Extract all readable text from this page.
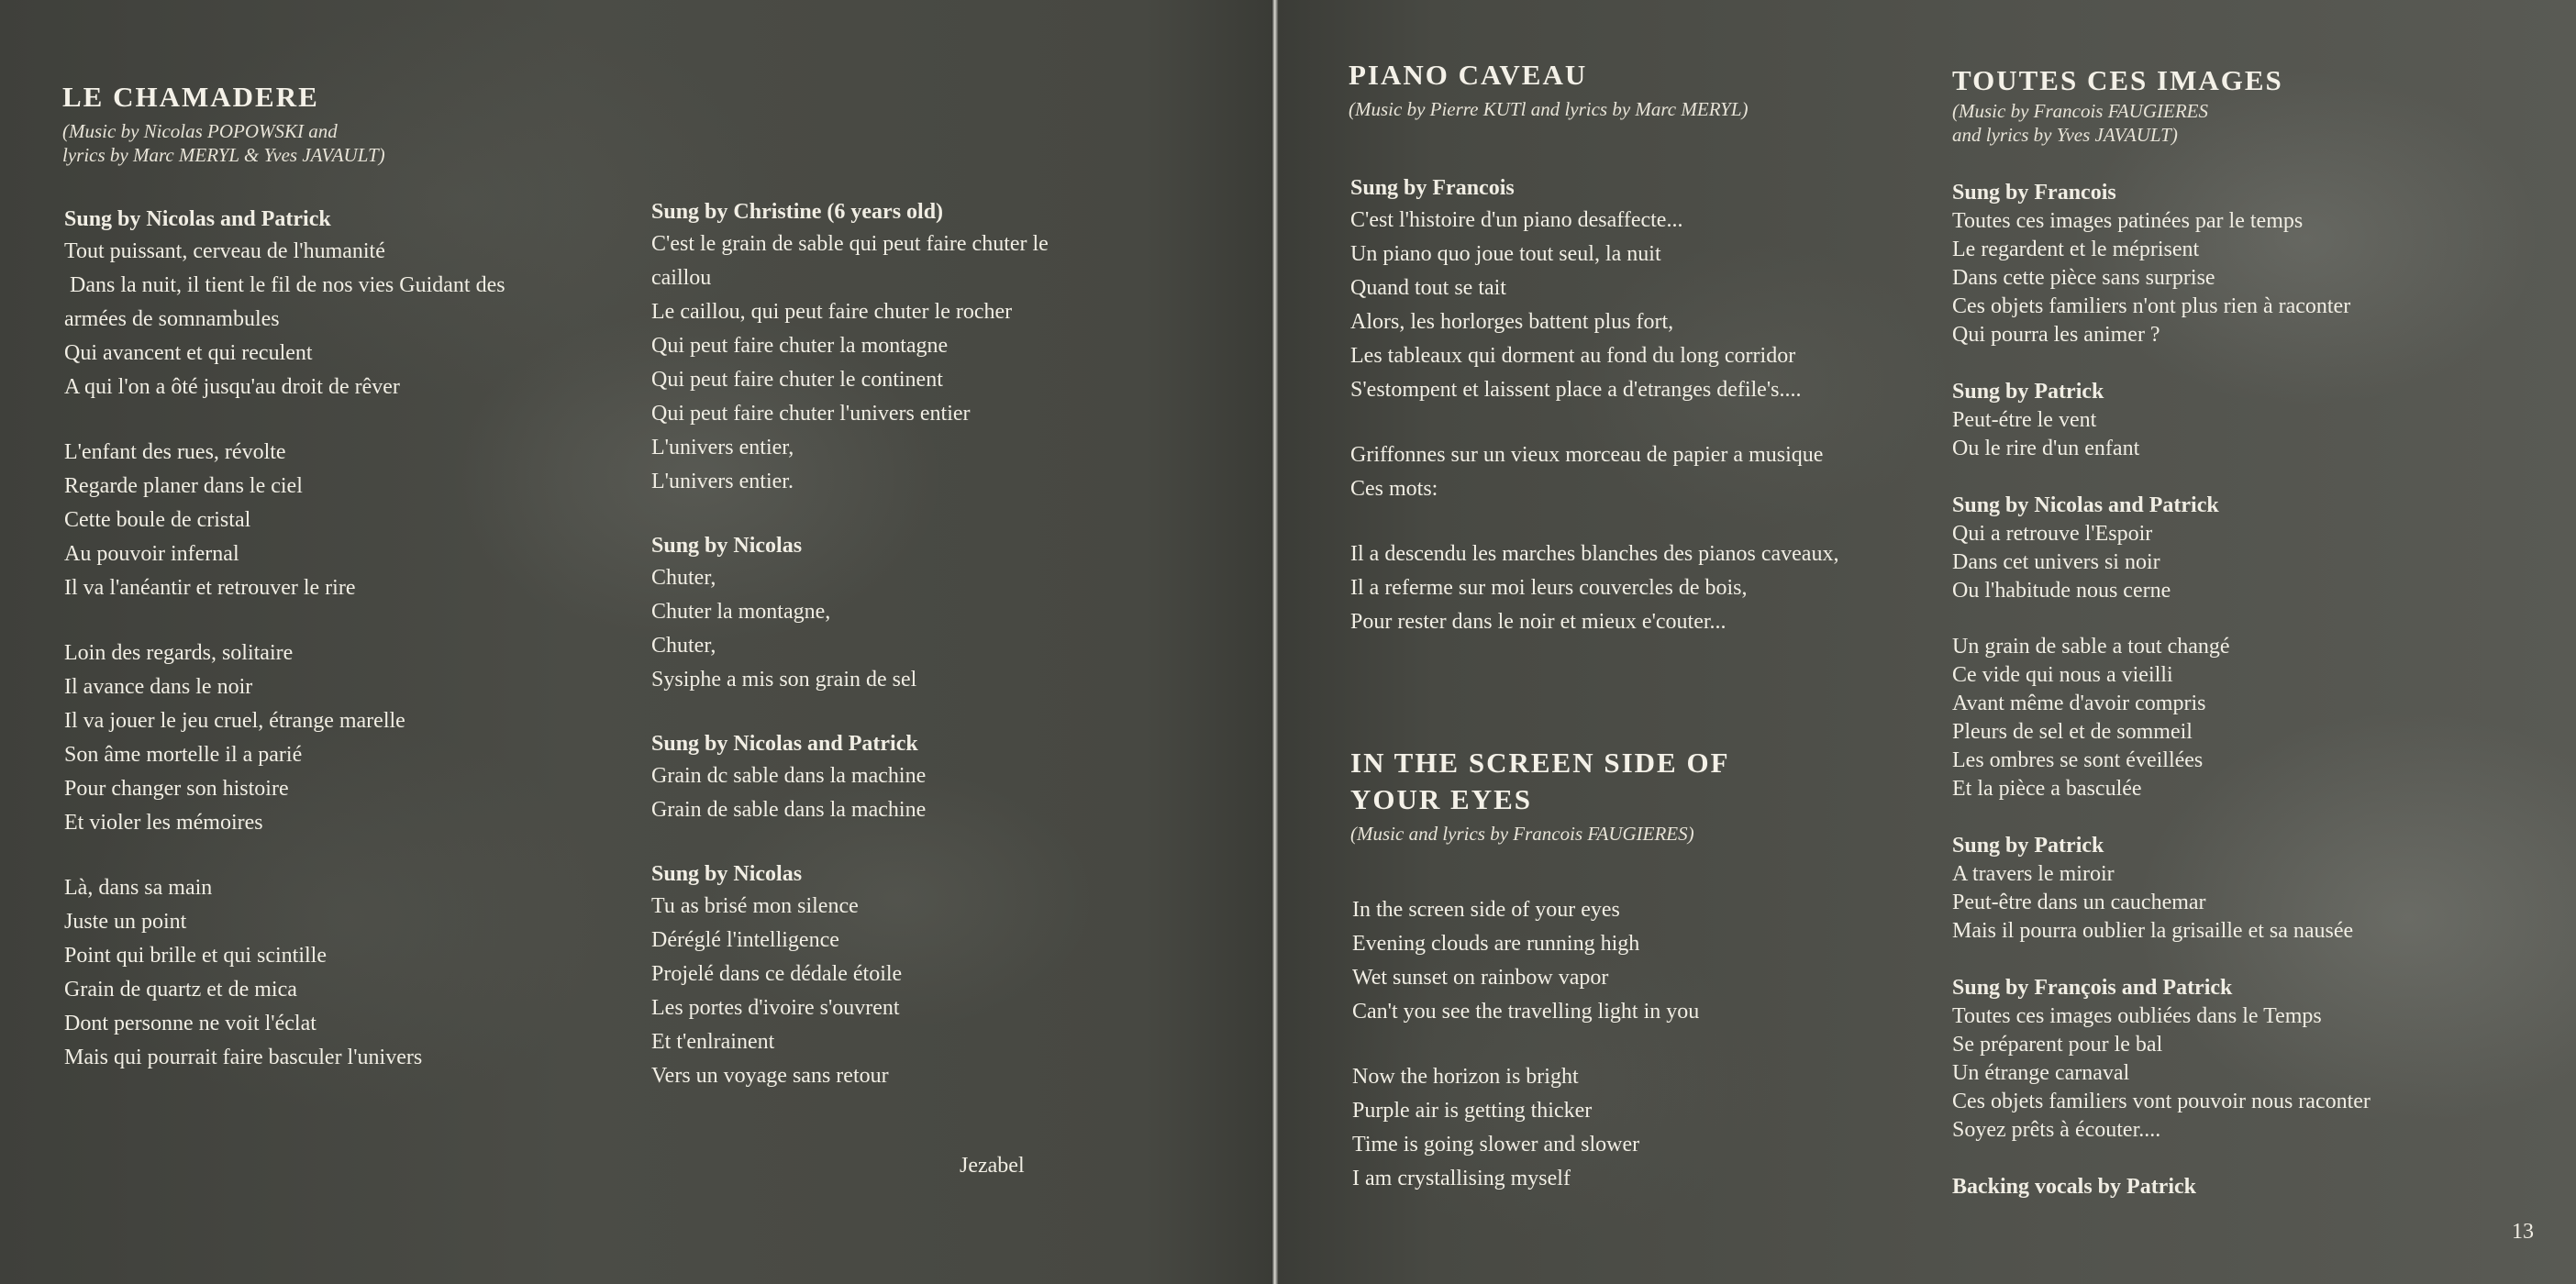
LE CHAMADERE

(Music by Nicolas POPOWSKI and

lyrics by Marc MERYL & Yves JAVAULT)

Sung by Nicolas and Patrick

Tout puissant, cerveau de l'humanité
Dans la nuit, il tient le fil de nos vies Guidant des
armées de somnambules
Qui avancent et qui reculent
A qui l'on a ôté jusqu'au droit de rêver
L'enfant des rues, révolte
Regarde planer dans le ciel
Cette boule de cristal
Au pouvoir infernal
Il va l'anéantir et retrouver le rire
Loin des regards, solitaire
Il avance dans le noir
Il va jouer le jeu cruel, étrange marelle
Son âme mortelle il a parié
Pour changer son histoire
Et violer les mémoires
Là, dans sa main
Juste un point
Point qui brille et qui scintille
Grain de quartz et de mica
Dont personne ne voit l'éclat
Mais qui pourrait faire basculer l'univers

Sung by Christine (6 years old)

C'est le grain de sable qui peut faire chuter le
caillou
Le caillou, qui peut faire chuter le rocher
Qui peut faire chuter la montagne
Qui peut faire chuter le continent
Qui peut faire chuter l'univers entier
L'univers entier,
L'univers entier.

Sung by Nicolas

Chuter,
Chuter la montagne,
Chuter,
Sysiphe a mis son grain de sel

Sung by Nicolas and Patrick

Grain dc sable dans la machine
Grain de sable dans la machine

Sung by Nicolas

Tu as brisé mon silence
Déréglé l'intelligence
Projelé dans ce dédale étoile
Les portes d'ivoire s'ouvrent
Et t'enlrainent
Vers un voyage sans retour
Jezabel
PIANO CAVEAU

(Music by Pierre KUTl and lyrics by Marc MERYL)

Sung by Francois

C'est l'histoire d'un piano desaffecte...
Un piano quo joue tout seul, la nuit
Quand tout se tait
Alors, les horlorges battent plus fort,
Les tableaux qui dorment au fond du long corridor
S'estompent et laissent place a d'etranges defile's....
Griffonnes sur un vieux morceau de papier a musique
Ces mots:
Il a descendu les marches blanches des pianos caveaux,
Il a referme sur moi leurs couvercles de bois,
Pour rester dans le noir et mieux e'couter...
IN THE SCREEN SIDE OF
YOUR EYES

(Music and lyrics by Francois FAUGIERES)

In the screen side of your eyes
Evening clouds are running high
Wet sunset on rainbow vapor
Can't you see the travelling light in you
Now the horizon is bright
Purple air is getting thicker
Time is going slower and slower
I am crystallising myself
TOUTES CES IMAGES

(Music by Francois FAUGIERES

and lyrics by Yves JAVAULT)

Sung by Francois

Toutes ces images patinées par le temps
Le regardent et le méprisent
Dans cette pièce sans surprise
Ces objets familiers n'ont plus rien à raconter
Qui pourra les animer ?

Sung by Patrick

Peut-étre le vent
Ou le rire d'un enfant

Sung by Nicolas and Patrick

Qui a retrouve l'Espoir
Dans cet univers si noir
Ou l'habitude nous cerne
Un grain de sable a tout changé
Ce vide qui nous a vieilli
Avant même d'avoir compris
Pleurs de sel et de sommeil
Les ombres se sont éveillées
Et la pièce a basculée

Sung by Patrick

A travers le miroir
Peut-être dans un cauchemar
Mais il pourra oublier la grisaille et sa nausée

Sung by François and Patrick

Toutes ces images oubliées dans le Temps
Se préparent pour le bal
Un étrange carnaval
Ces objets familiers vont pouvoir nous raconter
Soyez prêts à écouter....

Backing vocals by Patrick

13
